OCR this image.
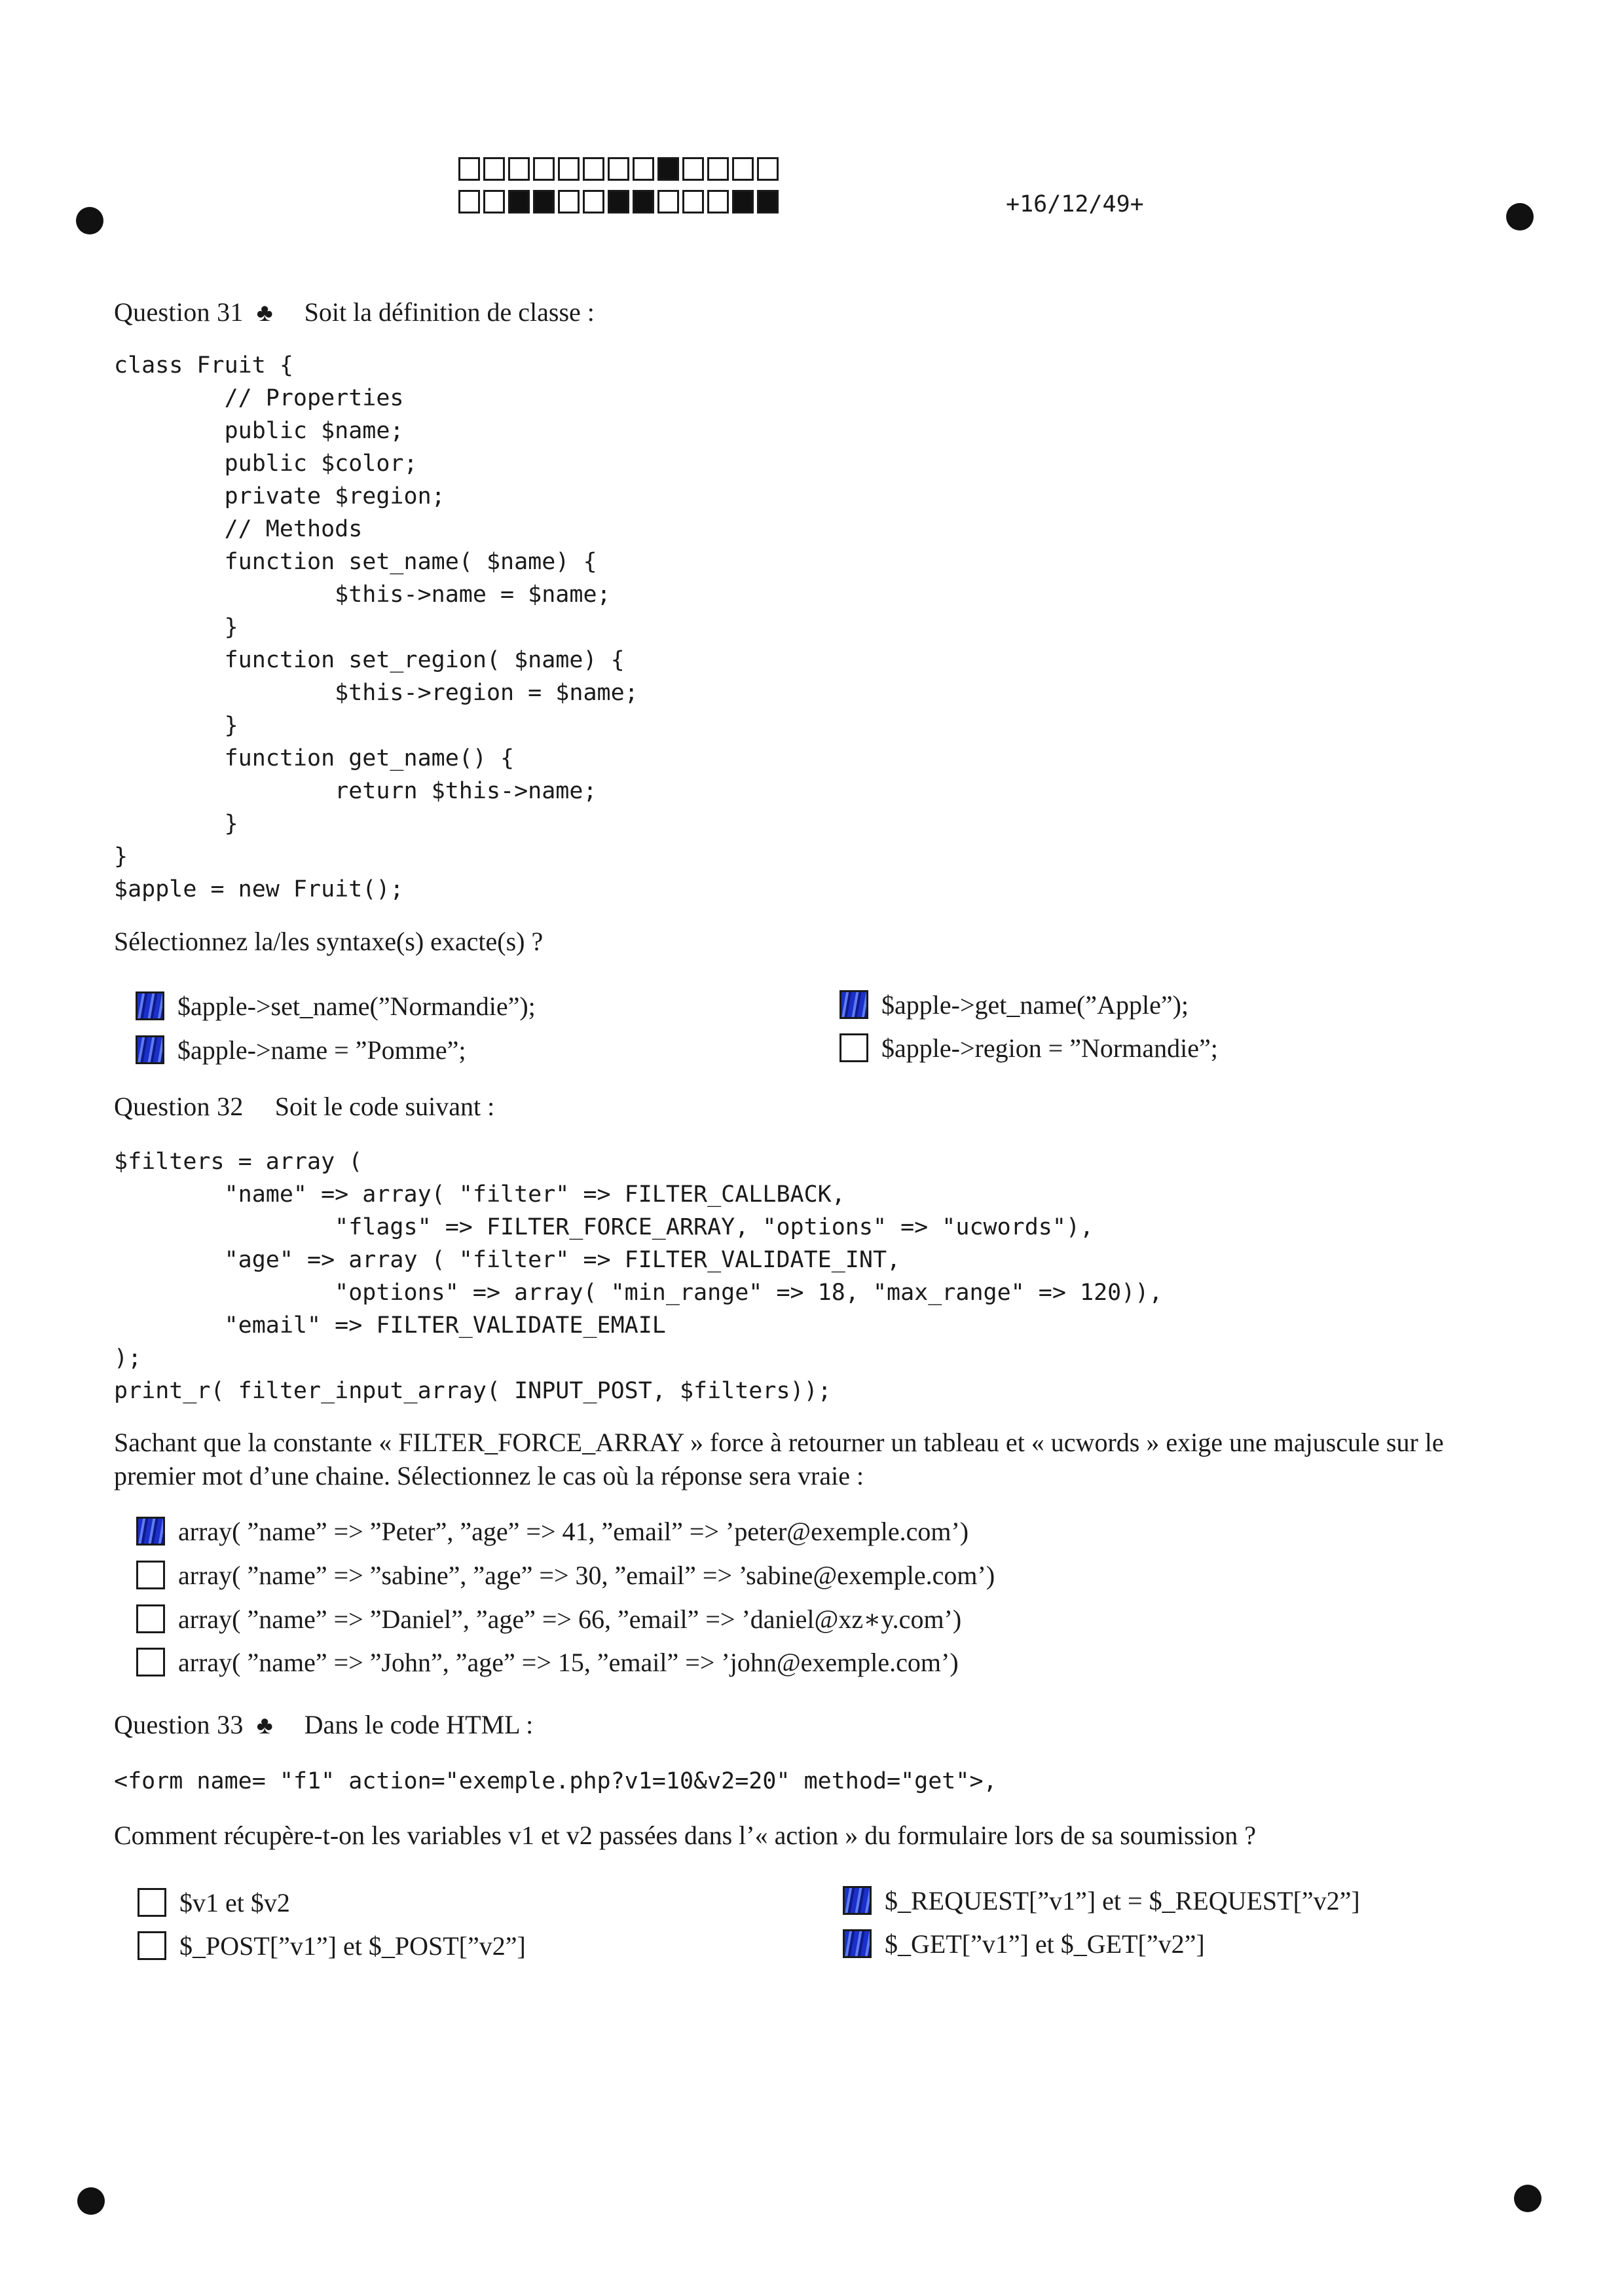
+16/12/49+
Question 31 ♣ Soit la définition de classe :
class Fruit {
// Properties
public $name;
public $color;
private $region;
// Methods
function set_name( $name) {
$this->name = $name;
}
function set_region( $name) {
$this->region = $name;
}
function get_name() {
return $this->name;
}
}
$apple = new Fruit();
Sélectionnez la/les syntaxe(s) exacte(s) ?
$apple->set_name(”Normandie”);
$apple->name = ”Pomme”;
$apple->get_name(”Apple”);
$apple->region = ”Normandie”;
Question 32 Soit le code suivant :
$filters = array (
"name" => array( "filter" => FILTER_CALLBACK,
"flags" => FILTER_FORCE_ARRAY, "options" => "ucwords"),
"age" => array ( "filter" => FILTER_VALIDATE_INT,
"options" => array( "min_range" => 18, "max_range" => 120)),
"email" => FILTER_VALIDATE_EMAIL
);
print_r( filter_input_array( INPUT_POST, $filters));
Sachant que la constante « FILTER_FORCE_ARRAY » force à retourner un tableau et « ucwords » exige une majuscule sur le
premier mot d’une chaine. Sélectionnez le cas où la réponse sera vraie :
array( ”name” => ”Peter”, ”age” => 41, ”email” => ’peter@exemple.com’)
array( ”name” => ”sabine”, ”age” => 30, ”email” => ’sabine@exemple.com’)
array( ”name” => ”Daniel”, ”age” => 66, ”email” => ’daniel@xz∗y.com’)
array( ”name” => ”John”, ”age” => 15, ”email” => ’john@exemple.com’)
Question 33 ♣ Dans le code HTML :
<form name= "f1" action="exemple.php?v1=10&v2=20" method="get">,
Comment récupère-t-on les variables v1 et v2 passées dans l’« action » du formulaire lors de sa soumission ?
$v1 et $v2
$_POST[”v1”] et $_POST[”v2”]
$_REQUEST[”v1”] et = $_REQUEST[”v2”]
$_GET[”v1”] et $_GET[”v2”]
